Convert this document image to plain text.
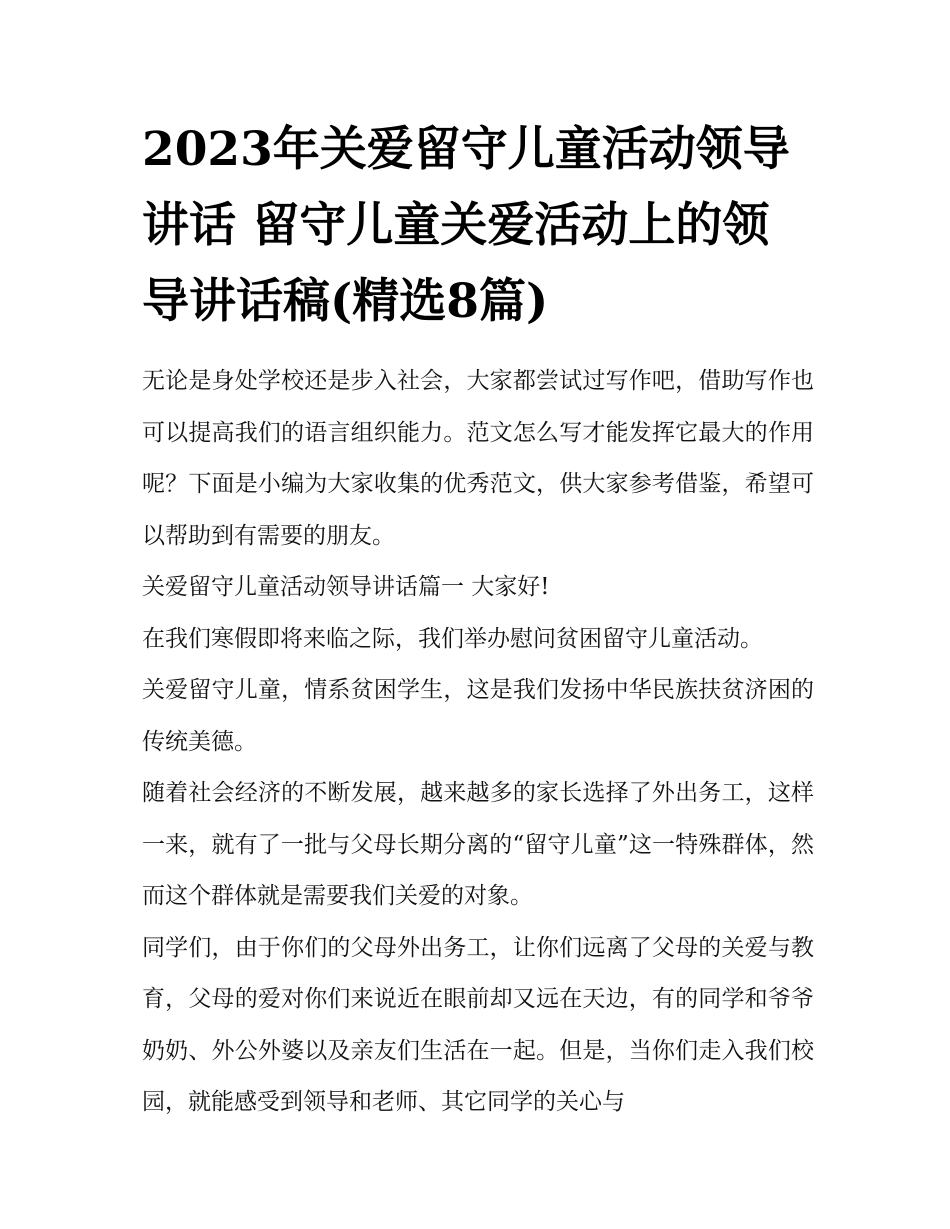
2023年关爱留守儿童活动领导讲话 留守儿童关爱活动上的领导讲话稿(精选8篇)

无论是身处学校还是步入社会，大家都尝试过写作吧，借助写作也可以提高我们的语言组织能力。范文怎么写才能发挥它最大的作用呢？下面是小编为大家收集的优秀范文，供大家参考借鉴，希望可以帮助到有需要的朋友。

关爱留守儿童活动领导讲话篇一 大家好!

在我们寒假即将来临之际，我们举办慰问贫困留守儿童活动。

关爱留守儿童，情系贫困学生，这是我们发扬中华民族扶贫济困的传统美德。

随着社会经济的不断发展，越来越多的家长选择了外出务工，这样一来，就有了一批与父母长期分离的“留守儿童”这一特殊群体，然而这个群体就是需要我们关爱的对象。

同学们，由于你们的父母外出务工，让你们远离了父母的关爱与教育，父母的爱对你们来说近在眼前却又远在天边，有的同学和爷爷奶奶、外公外婆以及亲友们生活在一起。但是，当你们走入我们校园，就能感受到领导和老师、其它同学的关心与
